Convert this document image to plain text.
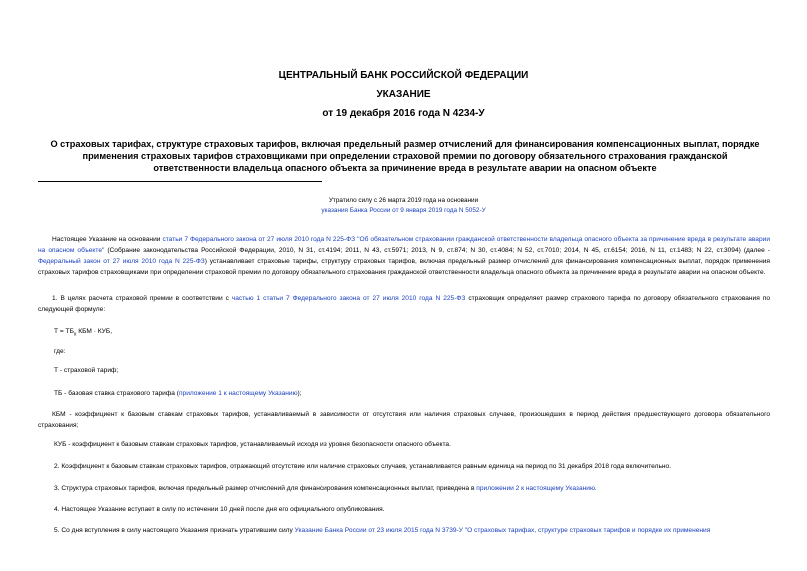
ЦЕНТРАЛЬНЫЙ БАНК РОССИЙСКОЙ ФЕДЕРАЦИИ
УКАЗАНИЕ
от 19 декабря 2016 года N 4234-У
О страховых тарифах, структуре страховых тарифов, включая предельный размер отчислений для финансирования компенсационных выплат, порядке применения страховых тарифов страховщиками при определении страховой премии по договору обязательного страхования гражданской ответственности владельца опасного объекта за причинение вреда в результате аварии на опасном объекте
Утратило силу с 26 марта 2019 года на основании
указания Банка России от 9 января 2019 года N 5052-У
Настоящее Указание на основании статьи 7 Федерального закона от 27 июля 2010 года N 225-ФЗ "Об обязательном страховании гражданской ответственности владельца опасного объекта за причинение вреда в результате аварии на опасном объекте" (Собрание законодательства Российской Федерации, 2010, N 31, ст.4194; 2011, N 43, ст.5971; 2013, N 9, ст.874; N 30, ст.4084; N 52, ст.7010; 2014, N 45, ст.6154; 2016, N 11, ст.1483; N 22, ст.3094) (далее - Федеральный закон от 27 июля 2010 года N 225-ФЗ) устанавливает страховые тарифы, структуру страховых тарифов, включая предельный размер отчислений для финансирования компенсационных выплат, порядок применения страховых тарифов страховщиками при определении страховой премии по договору обязательного страхования гражданской ответственности владельца опасного объекта за причинение вреда в результате аварии на опасном объекте.
1. В целях расчета страховой премии в соответствии с частью 1 статьи 7 Федерального закона от 27 июля 2010 года N 225-ФЗ страховщик определяет размер страхового тарифа по договору обязательного страхования по следующей формуле:
$Т = ТБ_х$ КБМ · КУБ,
где:
Т - страховой тариф;
ТБ - базовая ставка страхового тарифа (приложение 1 к настоящему Указанию);
КБМ - коэффициент к базовым ставкам страховых тарифов, устанавливаемый в зависимости от отсутствия или наличия страховых случаев, произошедших в период действия предшествующего договора обязательного страхования;
КУБ - коэффициент к базовым ставкам страховых тарифов, устанавливаемый исходя из уровня безопасности опасного объекта.
2. Коэффициент к базовым ставкам страховых тарифов, отражающий отсутствие или наличие страховых случаев, устанавливается равным единица на период по 31 декабря 2018 года включительно.
3. Структура страховых тарифов, включая предельный размер отчислений для финансирования компенсационных выплат, приведена в приложении 2 к настоящему Указанию.
4. Настоящее Указание вступает в силу по истечении 10 дней после дня его официального опубликования.
5. Со дня вступления в силу настоящего Указания признать утратившим силу Указание Банка России от 23 июля 2015 года N 3739-У "О страховых тарифах, структуре страховых тарифов и порядке их применения
